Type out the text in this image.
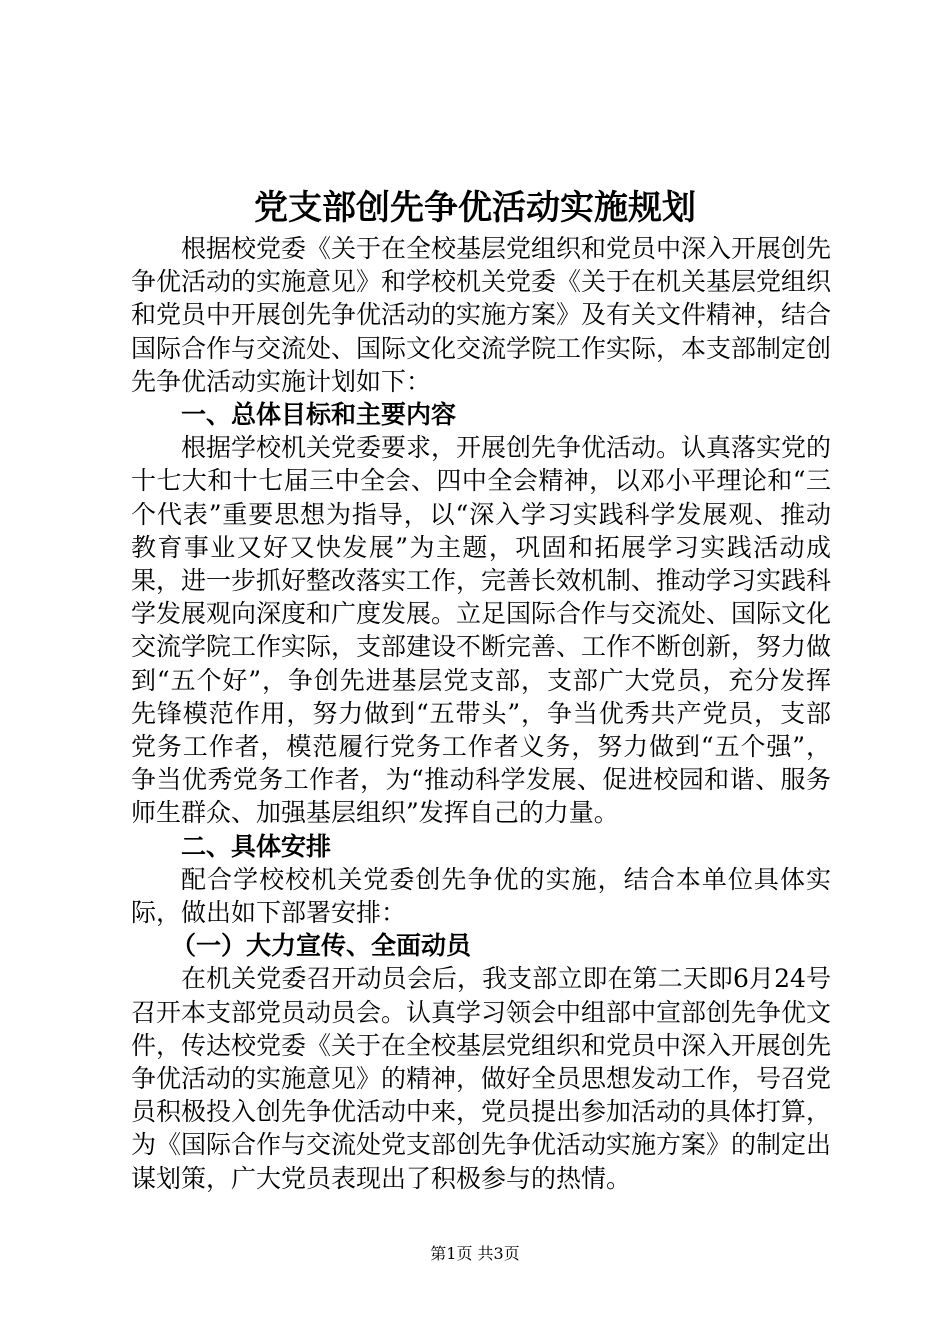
党支部创先争优活动实施规划

根据校党委《关于在全校基层党组织和党员中深入开展创先争优活动的实施意见》和学校机关党委《关于在机关基层党组织和党员中开展创先争优活动的实施方案》及有关文件精神，结合国际合作与交流处、国际文化交流学院工作实际，本支部制定创先争优活动实施计划如下：

一、总体目标和主要内容

根据学校机关党委要求，开展创先争优活动。认真落实党的十七大和十七届三中全会、四中全会精神，以邓小平理论和“三个代表”重要思想为指导，以“深入学习实践科学发展观、推动教育事业又好又快发展”为主题，巩固和拓展学习实践活动成果，进一步抓好整改落实工作，完善长效机制、推动学习实践科学发展观向深度和广度发展。立足国际合作与交流处、国际文化交流学院工作实际，支部建设不断完善、工作不断创新，努力做到“五个好”，争创先进基层党支部，支部广大党员，充分发挥先锋模范作用，努力做到“五带头”，争当优秀共产党员，支部党务工作者，模范履行党务工作者义务，努力做到“五个强”，争当优秀党务工作者，为“推动科学发展、促进校园和谐、服务师生群众、加强基层组织”发挥自己的力量。

二、具体安排

配合学校校机关党委创先争优的实施，结合本单位具体实际，做出如下部署安排：

（一）大力宣传、全面动员

在机关党委召开动员会后，我支部立即在第二天即6月24号召开本支部党员动员会。认真学习领会中组部中宣部创先争优文件，传达校党委《关于在全校基层党组织和党员中深入开展创先争优活动的实施意见》的精神，做好全员思想发动工作，号召党员积极投入创先争优活动中来，党员提出参加活动的具体打算，为《国际合作与交流处党支部创先争优活动实施方案》的制定出谋划策，广大党员表现出了积极参与的热情。

第1页 共3页
